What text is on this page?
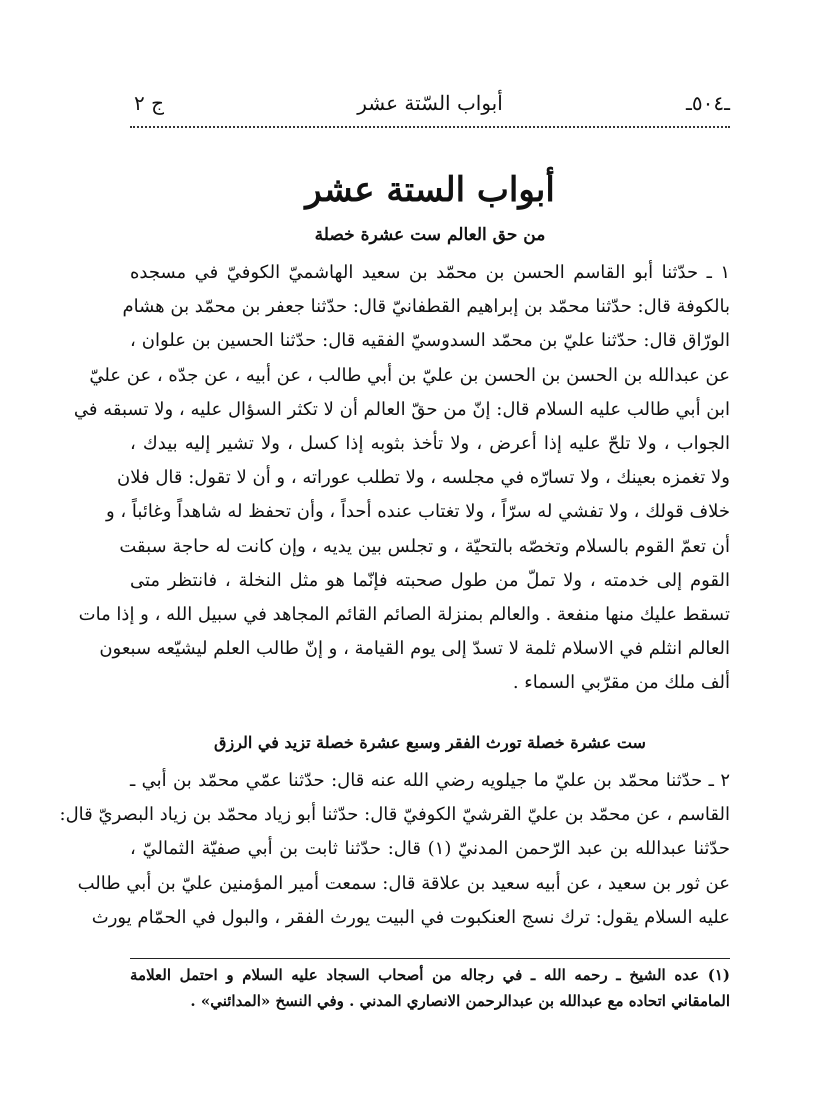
ـ٥٠٤ـ
أبواب السّتة عشر
ج ٢
أبواب الستة عشر
من حق العالم ست عشرة خصلة
١ ـ حدّثنا أبو القاسم الحسن بن محمّد بن سعيد الهاشميّ الكوفيّ في مسجده
بالكوفة قال: حدّثنا محمّد بن إبراهيم القطفانيّ قال: حدّثنا جعفر بن محمّد بن هشام
الورّاق قال: حدّثنا عليّ بن محمّد السدوسيّ الفقيه قال: حدّثنا الحسين بن علوان ،
عن عبدالله بن الحسن بن الحسن بن عليّ بن أبي طالب ، عن أبيه ، عن جدّه ، عن عليّ
ابن أبي طالب عليه السلام قال: إنّ من حقّ العالم أن لا تكثر السؤال عليه ، ولا تسبقه في
الجواب ، ولا تلحّ عليه إذا أعرض ، ولا تأخذ بثوبه إذا كسل ، ولا تشير إليه بيدك ،
ولا تغمزه بعينك ، ولا تسارّه في مجلسه ، ولا تطلب عوراته ، و أن لا تقول: قال فلان
خلاف قولك ، ولا تفشي له سرّاً ، ولا تغتاب عنده أحداً ، وأن تحفظ له شاهداً وغائباً ، و
أن تعمّ القوم بالسلام وتخصّه بالتحيّة ، و تجلس بين يديه ، وإن كانت له حاجة سبقت
القوم إلى خدمته ، ولا تملّ من طول صحبته فإنّما هو مثل النخلة ، فانتظر متى
تسقط عليك منها منفعة . والعالم بمنزلة الصائم القائم المجاهد في سبيل الله ، و إذا مات
العالم انثلم في الاسلام ثلمة لا تسدّ إلى يوم القيامة ، و إنّ طالب العلم ليشيّعه سبعون
ألف ملك من مقرّبي السماء .
ست عشرة خصلة تورث الفقر وسبع عشرة خصلة تزيد في الرزق
٢ ـ حدّثنا محمّد بن عليّ ما جيلويه رضي الله عنه قال: حدّثنا عمّي محمّد بن أبي ـ
القاسم ، عن محمّد بن عليّ القرشيّ الكوفيّ قال: حدّثنا أبو زياد محمّد بن زياد البصريّ قال:
حدّثنا عبدالله بن عبد الرّحمن المدنيّ (١) قال: حدّثنا ثابت بن أبي صفيّة الثماليّ ،
عن ثور بن سعيد ، عن أبيه سعيد بن علاقة قال: سمعت أمير المؤمنين عليّ بن أبي طالب
عليه السلام يقول: ترك نسج العنكبوت في البيت يورث الفقر ، والبول في الحمّام يورث
(١) عده الشيخ ـ رحمه الله ـ في رجاله من أصحاب السجاد عليه السلام و احتمل العلامة
المامقاني اتحاده مع عبدالله بن عبدالرحمن الانصاري المدني . وفي النسخ «المدائني» .
